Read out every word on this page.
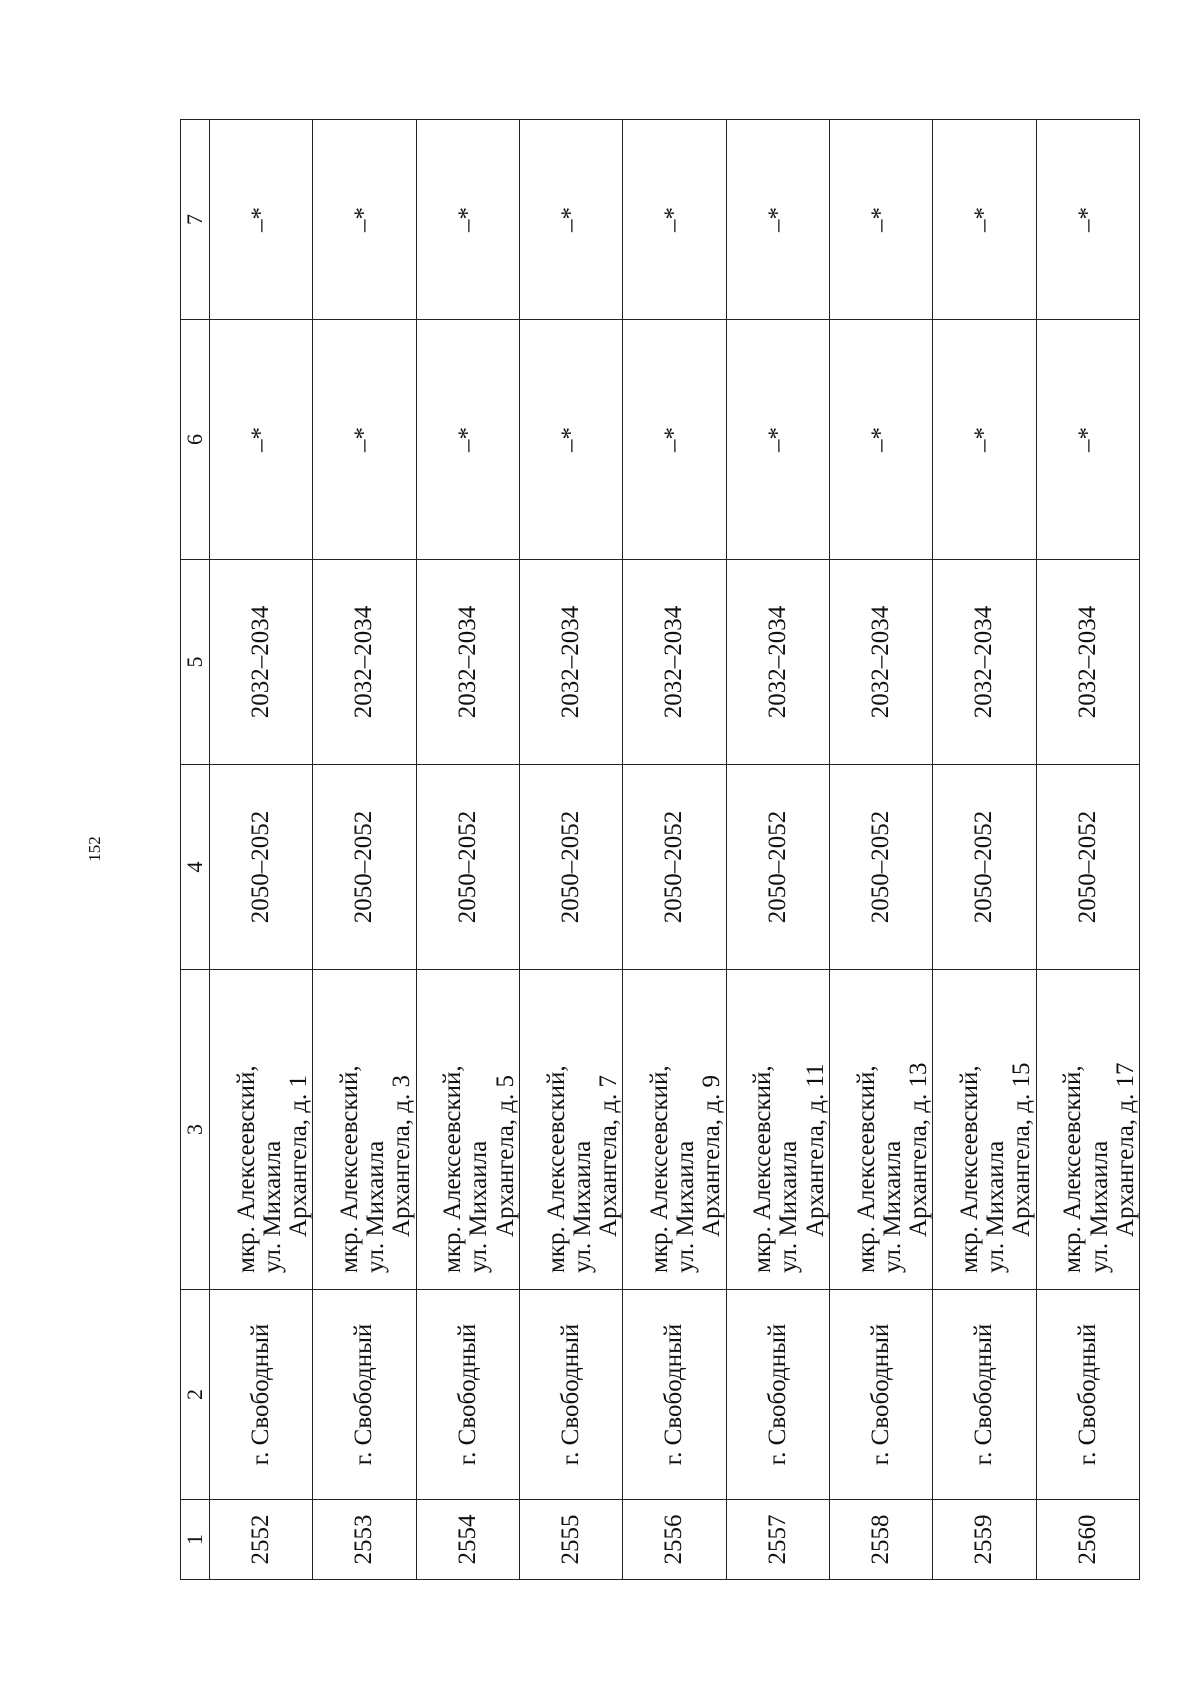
152
1	2	3	4	5	6	7
2552	г. Свободный	мкр. Алексеевский, ул. Михаила Архангела, д. 1	2050–2052	2032–2034	–*	–*
2553	г. Свободный	мкр. Алексеевский, ул. Михаила Архангела, д. 3	2050–2052	2032–2034	–*	–*
2554	г. Свободный	мкр. Алексеевский, ул. Михаила Архангела, д. 5	2050–2052	2032–2034	–*	–*
2555	г. Свободный	мкр. Алексеевский, ул. Михаила Архангела, д. 7	2050–2052	2032–2034	–*	–*
2556	г. Свободный	мкр. Алексеевский, ул. Михаила Архангела, д. 9	2050–2052	2032–2034	–*	–*
2557	г. Свободный	мкр. Алексеевский, ул. Михаила Архангела, д. 11	2050–2052	2032–2034	–*	–*
2558	г. Свободный	мкр. Алексеевский, ул. Михаила Архангела, д. 13	2050–2052	2032–2034	–*	–*
2559	г. Свободный	мкр. Алексеевский, ул. Михаила Архангела, д. 15	2050–2052	2032–2034	–*	–*
2560	г. Свободный	мкр. Алексеевский, ул. Михаила Архангела, д. 17	2050–2052	2032–2034	–*	–*
